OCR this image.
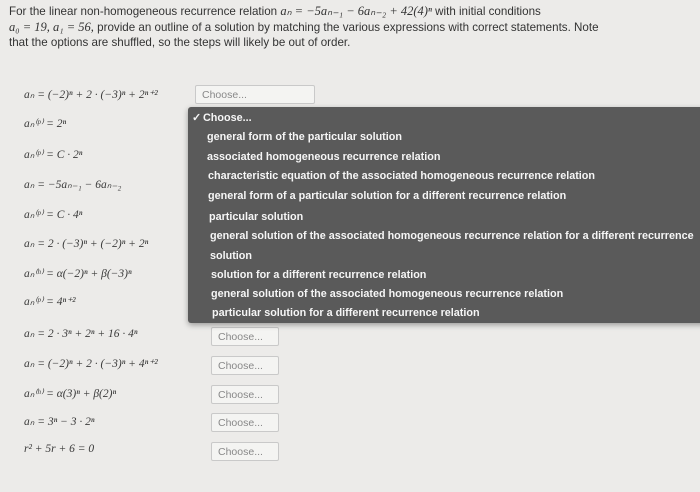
For the linear non-homogeneous recurrence relation aₙ = −5aₙ₋₁ − 6aₙ₋₂ + 42(4)ⁿ with initial conditions
a₀ = 19, a₁ = 56, provide an outline of a solution by matching the various expressions with correct statements. Note
that the options are shuffled, so the steps will likely be out of order.
aₙ = (−2)ⁿ + 2 · (−3)ⁿ + 2ⁿ⁺²
aₙ⁽ᵖ⁾ = 2ⁿ
aₙ⁽ᵖ⁾ = C · 2ⁿ
aₙ = −5aₙ₋₁ − 6aₙ₋₂
aₙ⁽ᵖ⁾ = C · 4ⁿ
aₙ = 2 · (−3)ⁿ + (−2)ⁿ + 2ⁿ
aₙ⁽ʰ⁾ = α(−2)ⁿ + β(−3)ⁿ
aₙ⁽ᵖ⁾ = 4ⁿ⁺²
aₙ = 2 · 3ⁿ + 2ⁿ + 16 · 4ⁿ
aₙ = (−2)ⁿ + 2 · (−3)ⁿ + 4ⁿ⁺²
aₙ⁽ʰ⁾ = α(3)ⁿ + β(2)ⁿ
aₙ = 3ⁿ − 3 · 2ⁿ
r² + 5r + 6 = 0
Choose...
Choose...
Choose...
Choose...
Choose...
Choose...
✓ Choose...
general form of the particular solution
associated homogeneous recurrence relation
characteristic equation of the associated homogeneous recurrence relation
general form of a particular solution for a different recurrence relation
particular solution
general solution of the associated homogeneous recurrence relation for a different recurrence
solution
solution for a different recurrence relation
general solution of the associated homogeneous recurrence relation
particular solution for a different recurrence relation
